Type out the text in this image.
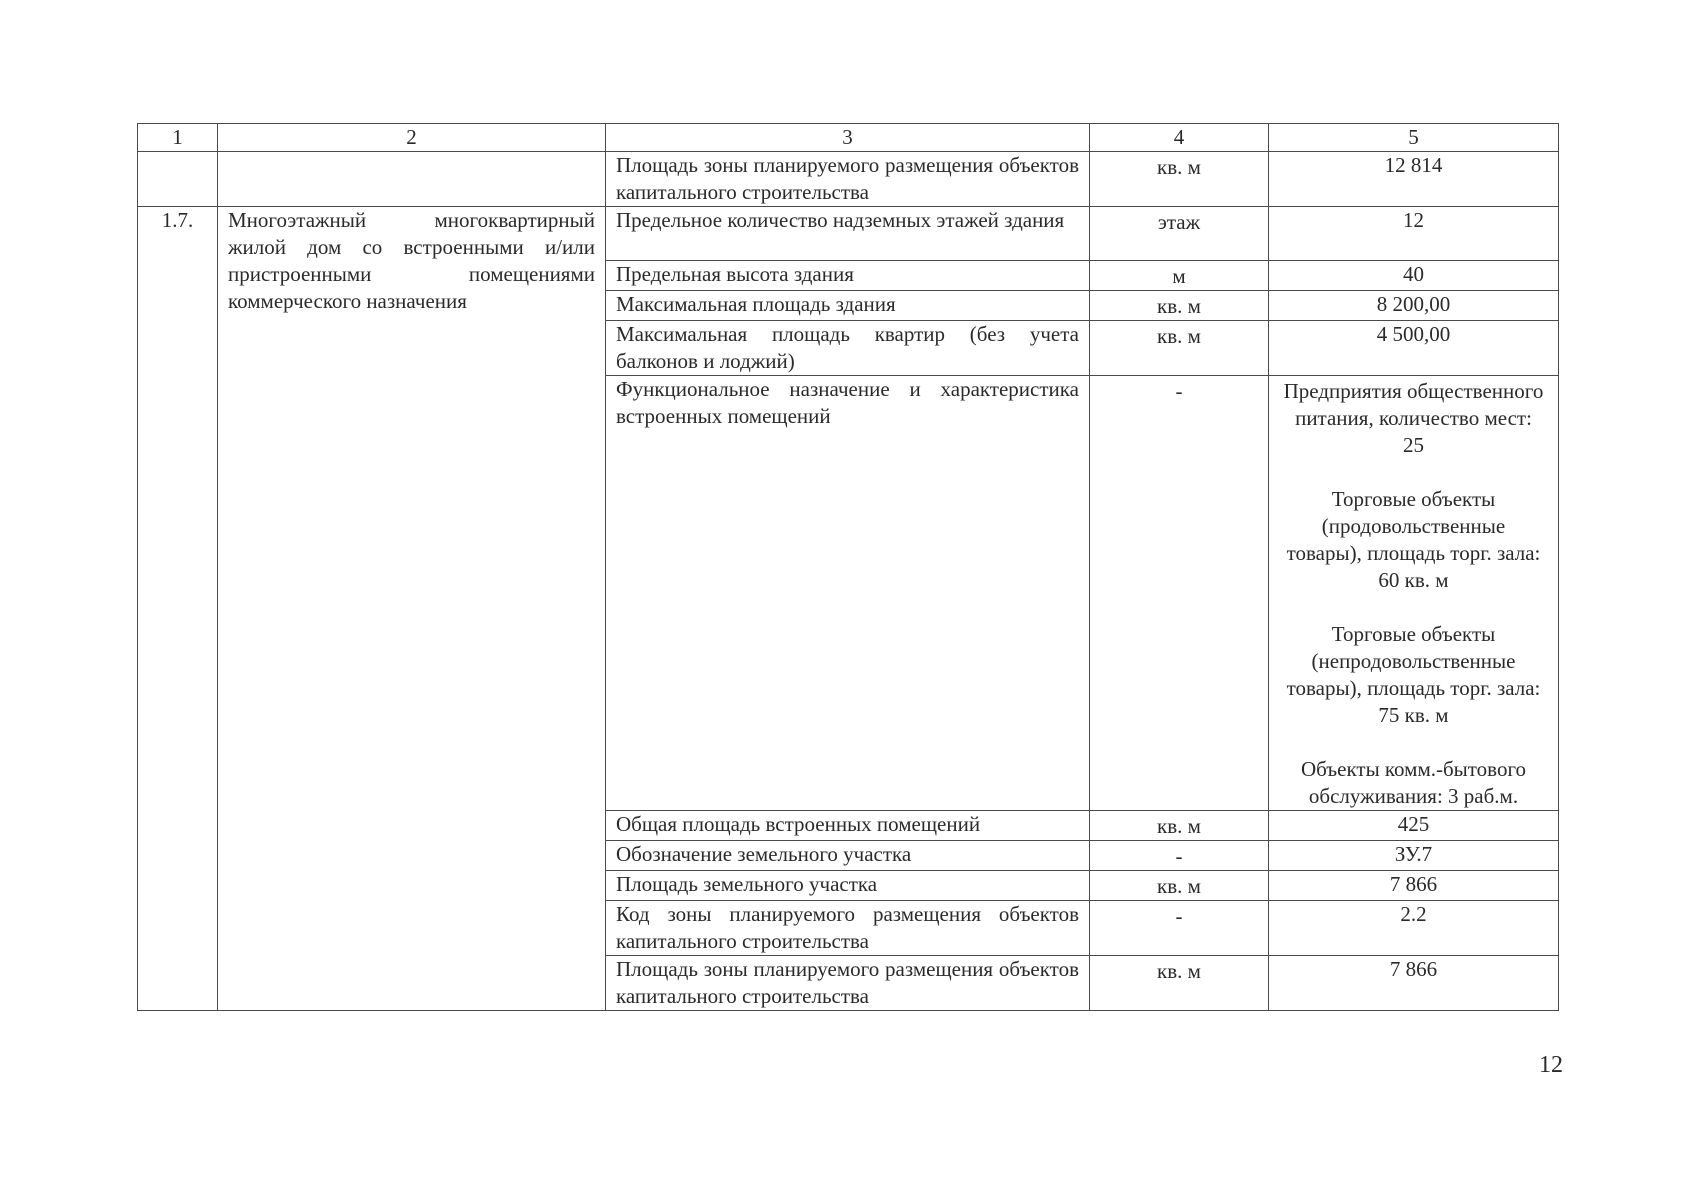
1	2	3	4	5
		Площадь зоны планируемого размещения объектов капитального строительства	кв. м	12 814
1.7.	Многоэтажный многоквартирный жилой дом со встроенными и/или пристроенными помещениями коммерческого назначения	Предельное количество надземных этажей здания	этаж	12
		Предельная высота здания	м	40
		Максимальная площадь здания	кв. м	8 200,00
		Максимальная площадь квартир (без учета балконов и лоджий)	кв. м	4 500,00
		Функциональное назначение и характеристика встроенных помещений	-	Предприятия общественного питания, количество мест: 25
Торговые объекты (продовольственные товары), площадь торг. зала: 60 кв. м
Торговые объекты (непродовольственные товары), площадь торг. зала: 75 кв. м
Объекты комм.-бытового обслуживания: 3 раб.м.

		Общая площадь встроенных помещений	кв. м	425
		Обозначение земельного участка	-	ЗУ.7
		Площадь земельного участка	кв. м	7 866
		Код зоны планируемого размещения объектов капитального строительства	-	2.2
		Площадь зоны планируемого размещения объектов капитального строительства	кв. м	7 866
12
